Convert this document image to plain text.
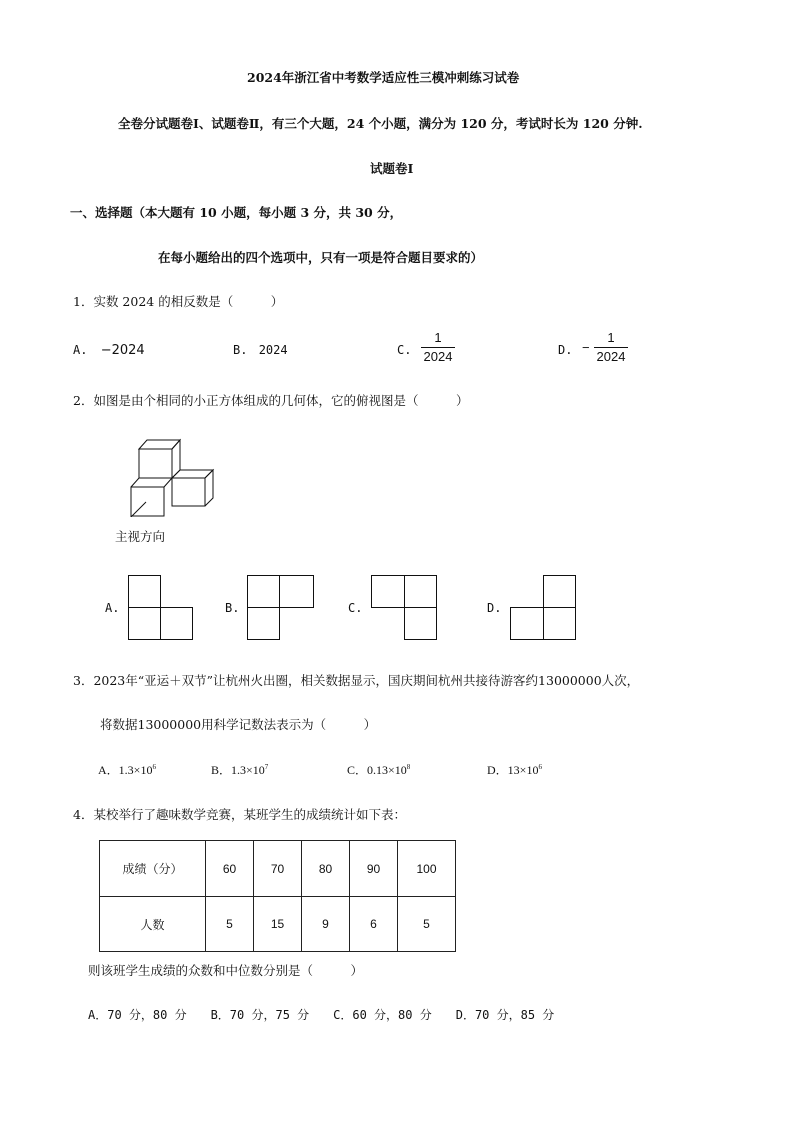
2024年浙江省中考数学适应性三模冲刺练习试卷
全卷分试题卷Ⅰ、试题卷Ⅱ，有三个大题，24 个小题，满分为 120 分，考试时长为 120 分钟.
试题卷Ⅰ
一、选择题（本大题有 10 小题，每小题 3 分，共 30 分，
在每小题给出的四个选项中，只有一项是符合题目要求的）
1．实数 2024 的相反数是（　　　）
A. −2024	B. 2024	C.
1
2024	D. −
1
2024
2．如图是由个相同的小正方体组成的几何体，它的俯视图是（　　　）
主视方向
A.	B.	C.	D.
3．2023年“亚运＋双节”让杭州火出圈，相关数据显示，国庆期间杭州共接待游客约13000000人次，
将数据13000000用科学记数法表示为（　　　）
A．$1.3\times 10^6$	B．$1.3\times 10^7$	C．$0.13\times 10^8$	D．$13\times 10^6$
4．某校举行了趣味数学竞赛，某班学生的成绩统计如下表：
成绩（分）	60	70	80	90	100
人数	5	15	9	6	5
则该班学生成绩的众数和中位数分别是（　　　）
A．70 分，80 分　　B．70 分，75 分　　C．60 分，80 分　　D．70 分，85 分
